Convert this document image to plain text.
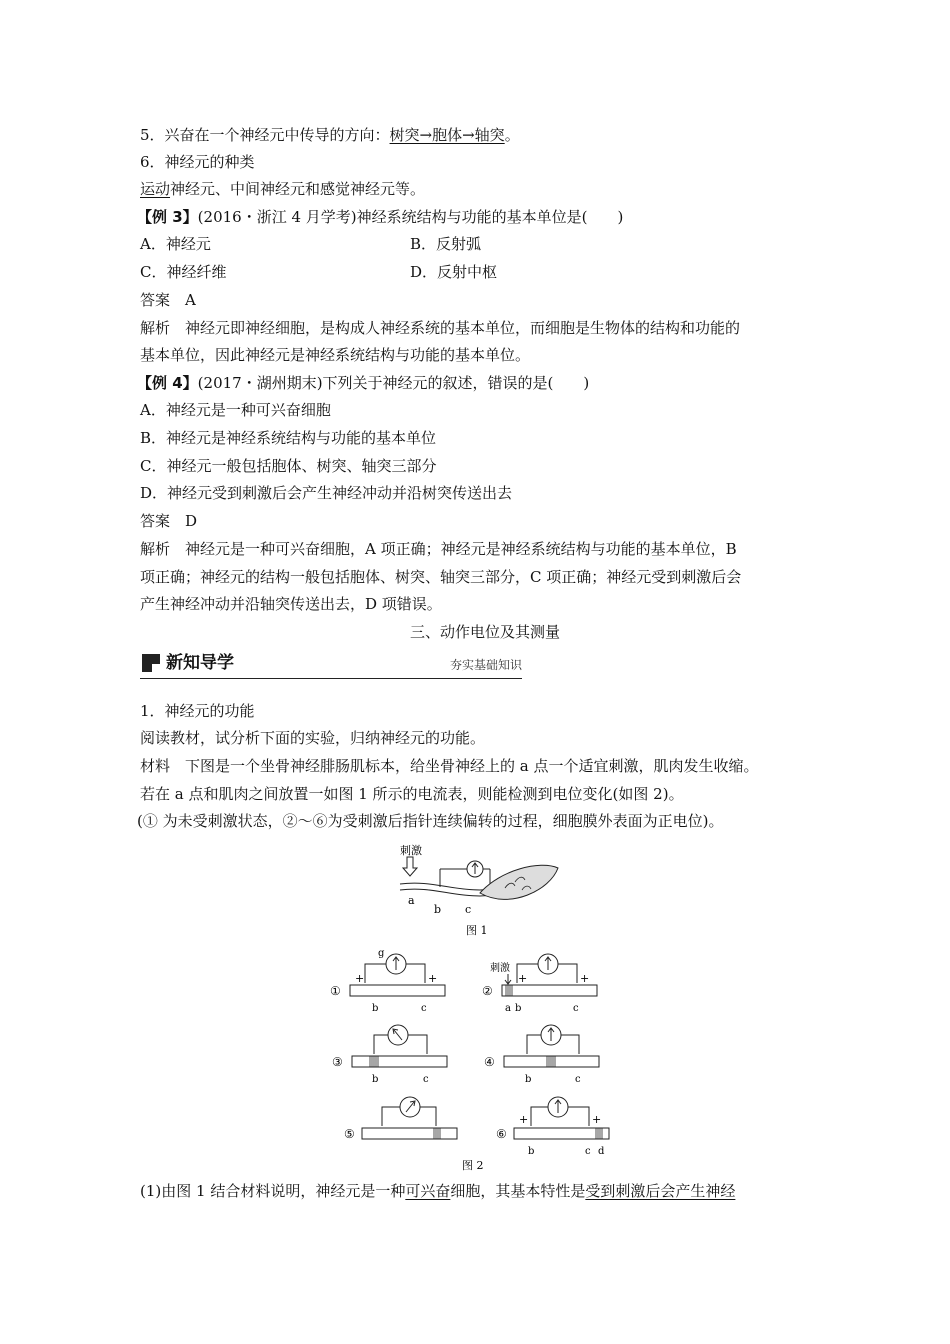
5．兴奋在一个神经元中传导的方向：树突→胞体→轴突。
6．神经元的种类
运动神经元、中间神经元和感觉神经元等。
【例 3】(2016・浙江 4 月学考)神经系统结构与功能的基本单位是(　　)
A．神经元	B．反射弧
C．神经纤维	D．反射中枢
答案　A
解析　神经元即神经细胞，是构成人神经系统的基本单位，而细胞是生物体的结构和功能的
基本单位，因此神经元是神经系统结构与功能的基本单位。
【例 4】(2017・湖州期末)下列关于神经元的叙述，错误的是(　　)
A．神经元是一种可兴奋细胞
B．神经元是神经系统结构与功能的基本单位
C．神经元一般包括胞体、树突、轴突三部分
D．神经元受到刺激后会产生神经冲动并沿树突传送出去
答案　D
解析　神经元是一种可兴奋细胞，A 项正确；神经元是神经系统结构与功能的基本单位，B
项正确；神经元的结构一般包括胞体、树突、轴突三部分，C 项正确；神经元受到刺激后会
产生神经冲动并沿轴突传送出去，D 项错误。
三、动作电位及其测量
新知导学	夯实基础知识
1．神经元的功能
阅读教材，试分析下面的实验，归纳神经元的功能。
材料　下图是一个坐骨神经腓肠肌标本，给坐骨神经上的 a 点一个适宜刺激，肌肉发生收缩。
若在 a 点和肌肉之间放置一如图 1 所示的电流表，则能检测到电位变化(如图 2)。
(① 为未受刺激状态，②～⑥为受刺激后指针连续偏转的过程，细胞膜外表面为正电位)。
(1)由图 1 结合材料说明，神经元是一种可兴奋细胞，其基本特性是受到刺激后会产生神经
刺激
a
b c
图 1
①
g
+	+
b	c
②
刺激
+	+
a b	c
③
b	c
④
b	c
⑤	⑥
+	+
b	c d
图 2
